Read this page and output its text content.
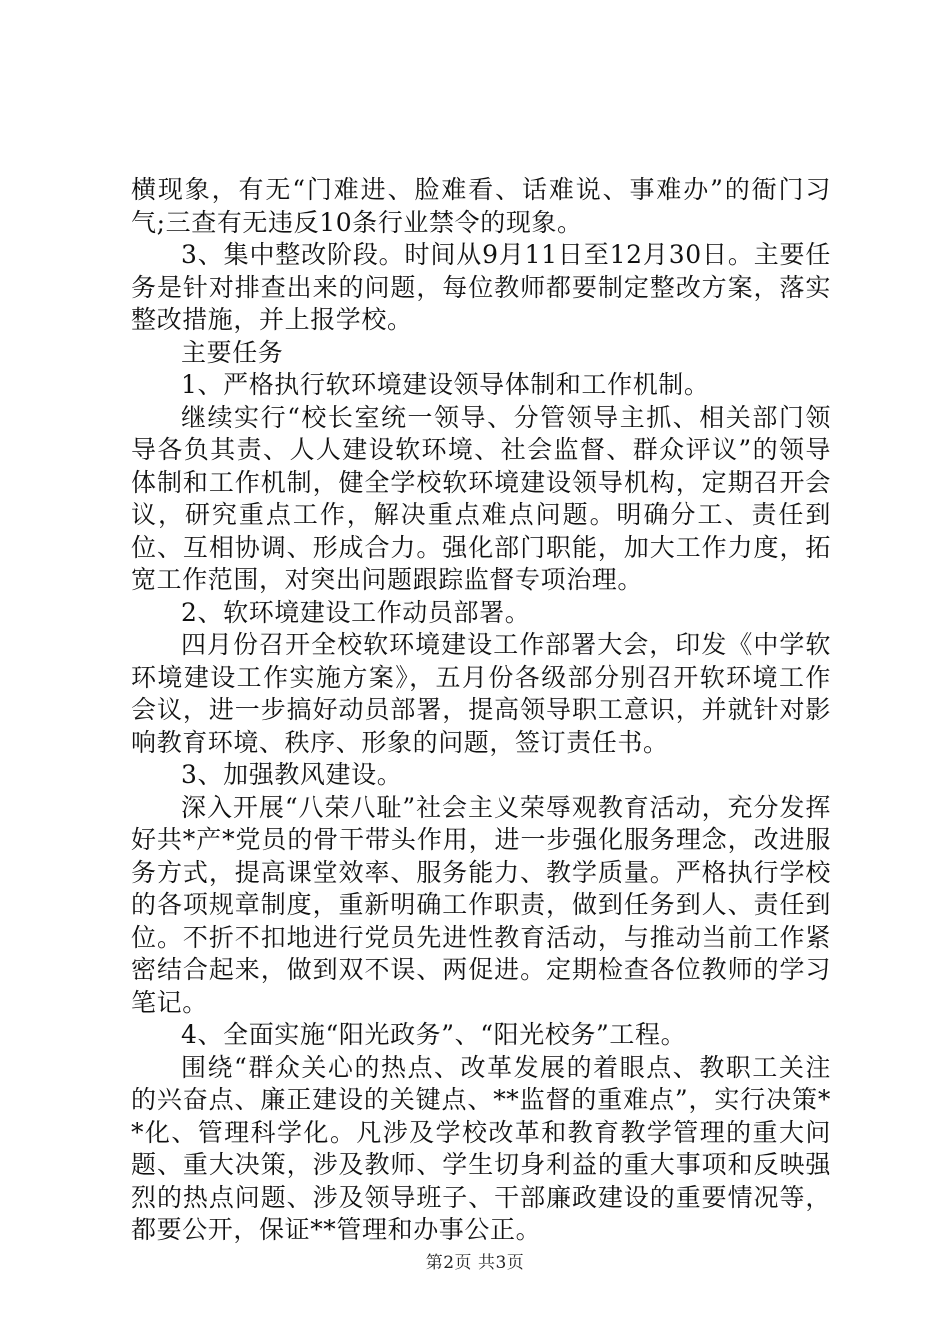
横现象，有无“门难进、脸难看、话难说、事难办”的衙门习气;三查有无违反10条行业禁令的现象。

3、集中整改阶段。时间从9月11日至12月30日。主要任务是针对排查出来的问题，每位教师都要制定整改方案，落实整改措施，并上报学校。

主要任务

1、严格执行软环境建设领导体制和工作机制。

继续实行“校长室统一领导、分管领导主抓、相关部门领导各负其责、人人建设软环境、社会监督、群众评议”的领导体制和工作机制，健全学校软环境建设领导机构，定期召开会议，研究重点工作，解决重点难点问题。明确分工、责任到位、互相协调、形成合力。强化部门职能，加大工作力度，拓宽工作范围，对突出问题跟踪监督专项治理。

2、软环境建设工作动员部署。

四月份召开全校软环境建设工作部署大会，印发《中学软环境建设工作实施方案》，五月份各级部分别召开软环境工作会议，进一步搞好动员部署，提高领导职工意识，并就针对影响教育环境、秩序、形象的问题，签订责任书。

3、加强教风建设。

深入开展“八荣八耻”社会主义荣辱观教育活动，充分发挥好共*产*党员的骨干带头作用，进一步强化服务理念，改进服务方式，提高课堂效率、服务能力、教学质量。严格执行学校的各项规章制度，重新明确工作职责，做到任务到人、责任到位。不折不扣地进行党员先进性教育活动，与推动当前工作紧密结合起来，做到双不误、两促进。定期检查各位教师的学习笔记。

4、全面实施“阳光政务”、“阳光校务”工程。

围绕“群众关心的热点、改革发展的着眼点、教职工关注的兴奋点、廉正建设的关键点、**监督的重难点”，实行决策**化、管理科学化。凡涉及学校改革和教育教学管理的重大问题、重大决策，涉及教师、学生切身利益的重大事项和反映强烈的热点问题、涉及领导班子、干部廉政建设的重要情况等，都要公开，保证**管理和办事公正。

第2页 共3页
